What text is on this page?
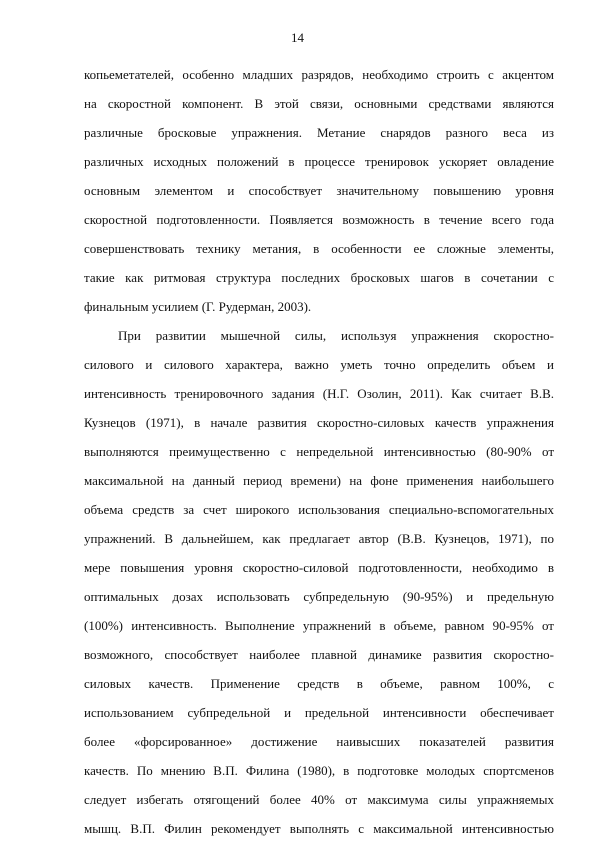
14
копьеметателей, особенно младших разрядов, необходимо строить с акцентом
на скоростной компонент. В этой связи, основными средствами являются
различные бросковые упражнения. Метание снарядов разного веса из
различных исходных положений в процессе тренировок ускоряет овладение
основным элементом и способствует значительному повышению уровня
скоростной подготовленности. Появляется возможность в течение всего года
совершенствовать технику метания, в особенности ее сложные элементы,
такие как ритмовая структура последних бросковых шагов в сочетании с
финальным усилием (Г. Рудерман, 2003).
При развитии мышечной силы, используя упражнения скоростно-
силового и силового характера, важно уметь точно определить объем и
интенсивность тренировочного задания (Н.Г. Озолин, 2011). Как считает В.В.
Кузнецов (1971), в начале развития скоростно-силовых качеств упражнения
выполняются преимущественно с непредельной интенсивностью (80-90% от
максимальной на данный период времени) на фоне применения наибольшего
объема средств за счет широкого использования специально-вспомогательных
упражнений. В дальнейшем, как предлагает автор (В.В. Кузнецов, 1971), по
мере повышения уровня скоростно-силовой подготовленности, необходимо в
оптимальных дозах использовать субпредельную (90-95%) и предельную
(100%) интенсивность. Выполнение упражнений в объеме, равном 90-95% от
возможного, способствует наиболее плавной динамике развития скоростно-
силовых качеств. Применение средств в объеме, равном 100%, с
использованием субпредельной и предельной интенсивности обеспечивает
более «форсированное» достижение наивысших показателей развития
качеств. По мнению В.П. Филина (1980), в подготовке молодых спортсменов
следует избегать отягощений более 40% от максимума силы упражняемых
мышц. В.П. Филин рекомендует выполнять с максимальной интенсивностью
